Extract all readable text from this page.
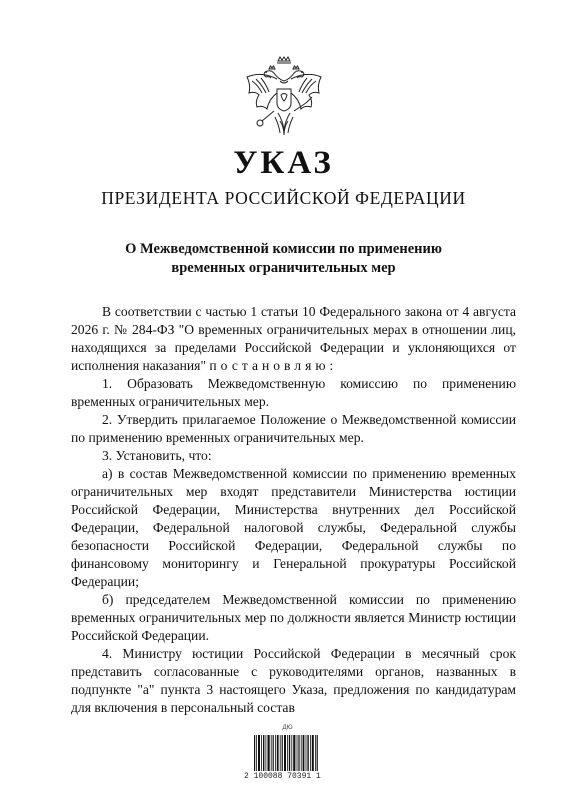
УКАЗ
ПРЕЗИДЕНТА РОССИЙСКОЙ ФЕДЕРАЦИИ
О Межведомственной комиссии по применению
временных ограничительных мер

В соответствии с частью 1 статьи 10 Федерального закона от 4 августа 2026 г. № 284-ФЗ "О временных ограничительных мерах в отношении лиц, находящихся за пределами Российской Федерации и уклоняющихся от исполнения наказания" постановляю:

1. Образовать Межведомственную комиссию по применению временных ограничительных мер.

2. Утвердить прилагаемое Положение о Межведомственной комиссии по применению временных ограничительных мер.

3. Установить, что:

а) в состав Межведомственной комиссии по применению временных ограничительных мер входят представители Министерства юстиции Российской Федерации, Министерства внутренних дел Российской Федерации, Федеральной налоговой службы, Федеральной службы безопасности Российской Федерации, Федеральной службы по финансовому мониторингу и Генеральной прокуратуры Российской Федерации;

б) председателем Межведомственной комиссии по применению временных ограничительных мер по должности является Министр юстиции Российской Федерации.

4. Министру юстиции Российской Федерации в месячный срок представить согласованные с руководителями органов, названных в подпункте "а" пункта 3 настоящего Указа, предложения по кандидатурам для включения в персональный состав

ДЮ
2 100088 70391 1
